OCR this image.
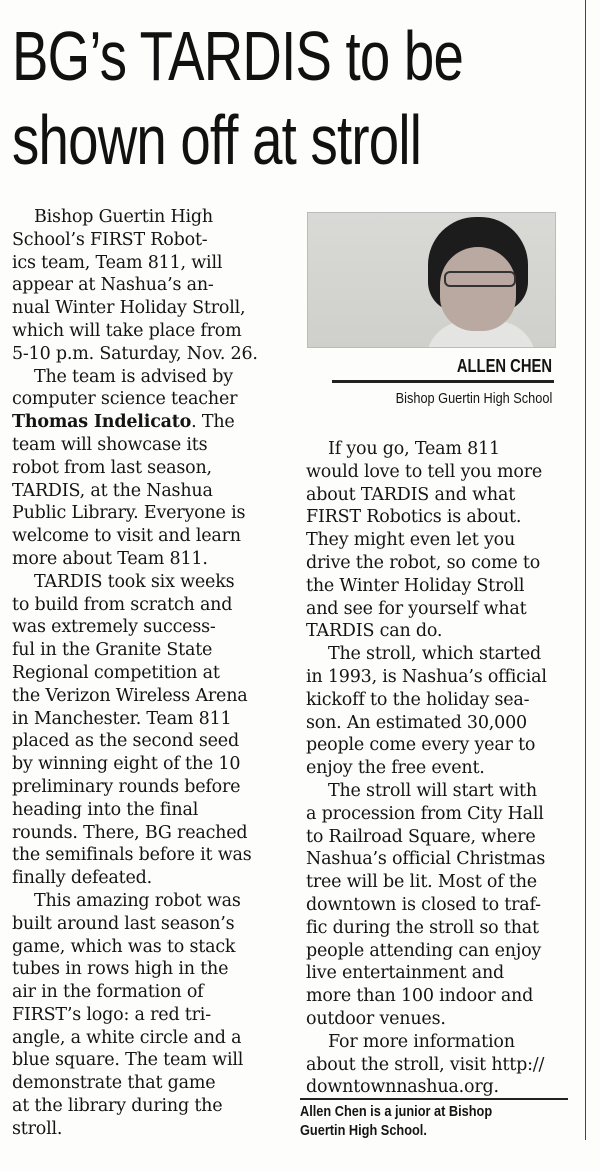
BG’s TARDIS to be
shown off at stroll

ALLEN CHEN

Bishop Guertin High School

Bishop Guertin High
School’s FIRST Robot-
ics team, Team 811, will
appear at Nashua’s an-
nual Winter Holiday Stroll,
which will take place from
5-10 p.m. Saturday, Nov. 26.
The team is advised by
computer science teacher
Thomas Indelicato. The
team will showcase its
robot from last season,
TARDIS, at the Nashua
Public Library. Everyone is
welcome to visit and learn
more about Team 811.
TARDIS took six weeks
to build from scratch and
was extremely success-
ful in the Granite State
Regional competition at
the Verizon Wireless Arena
in Manchester. Team 811
placed as the second seed
by winning eight of the 10
preliminary rounds before
heading into the final
rounds. There, BG reached
the semifinals before it was
finally defeated.
This amazing robot was
built around last season’s
game, which was to stack
tubes in rows high in the
air in the formation of
FIRST’s logo: a red tri-
angle, a white circle and a
blue square. The team will
demonstrate that game
at the library during the
stroll.
If you go, Team 811
would love to tell you more
about TARDIS and what
FIRST Robotics is about.
They might even let you
drive the robot, so come to
the Winter Holiday Stroll
and see for yourself what
TARDIS can do.
The stroll, which started
in 1993, is Nashua’s official
kickoff to the holiday sea-
son. An estimated 30,000
people come every year to
enjoy the free event.
The stroll will start with
a procession from City Hall
to Railroad Square, where
Nashua’s official Christmas
tree will be lit. Most of the
downtown is closed to traf-
fic during the stroll so that
people attending can enjoy
live entertainment and
more than 100 indoor and
outdoor venues.
For more information
about the stroll, visit http://
downtownnashua.org.

Allen Chen is a junior at Bishop
Guertin High School.
